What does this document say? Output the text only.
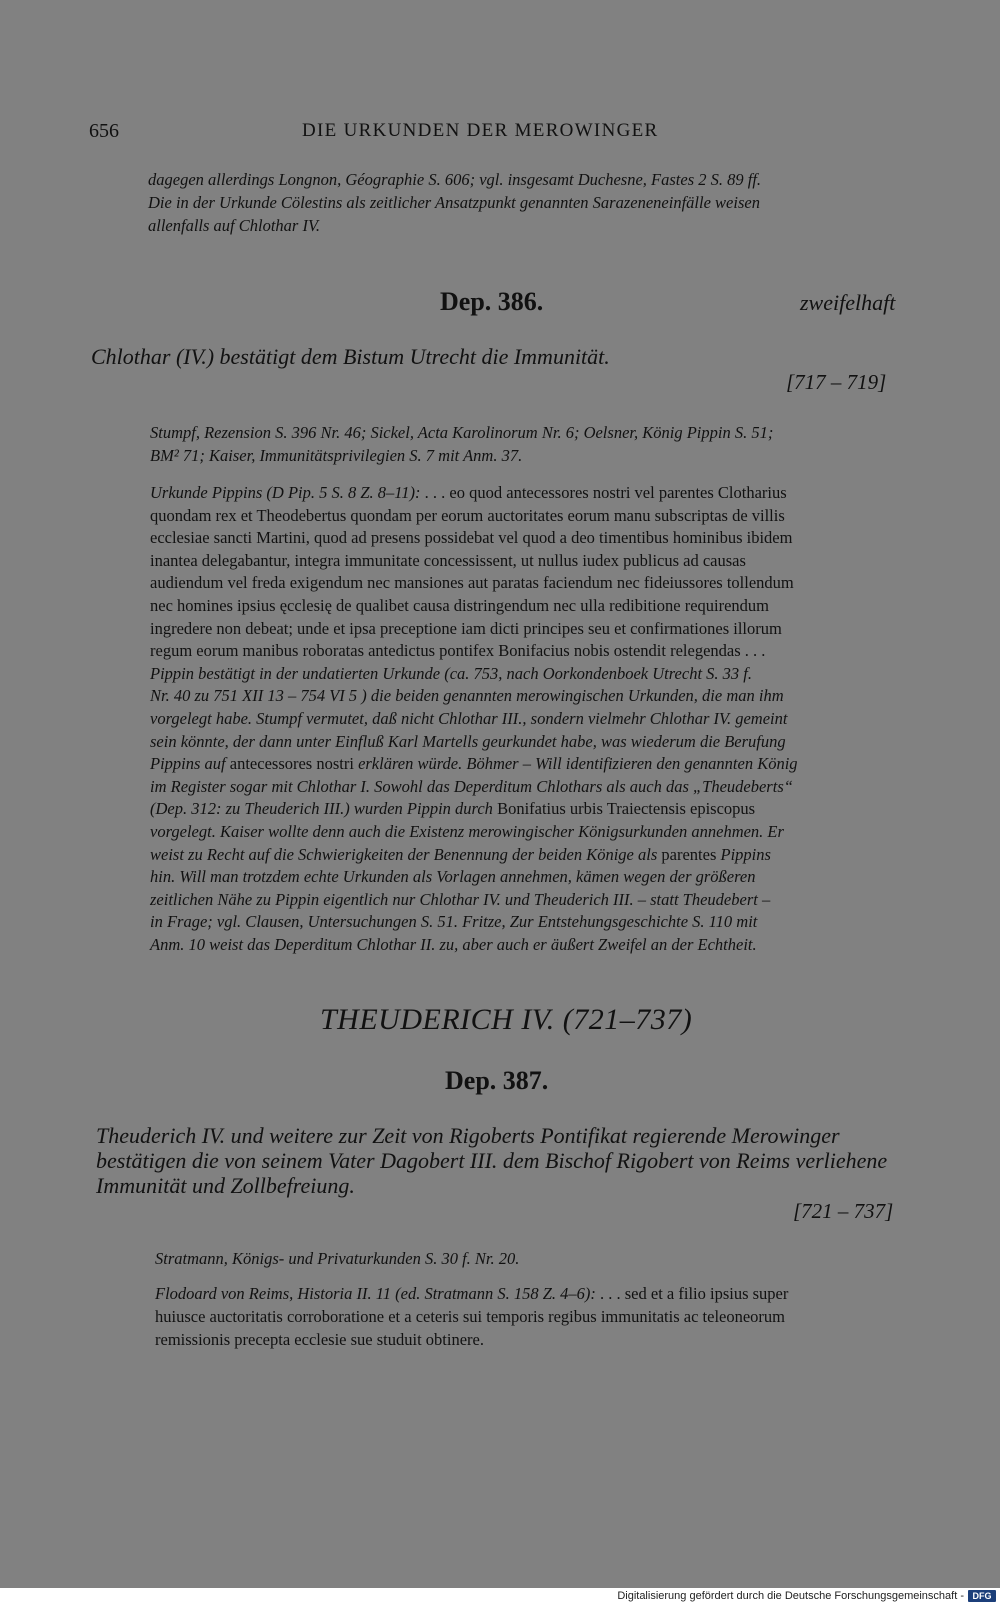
656	DIE URKUNDEN DER MEROWINGER
dagegen allerdings Longnon, Géographie S. 606; vgl. insgesamt Duchesne, Fastes 2 S. 89 ff.
Die in der Urkunde Cölestins als zeitlicher Ansatzpunkt genannten Sarazeneneinfälle weisen
allenfalls auf Chlothar IV.
Dep. 386.	zweifelhaft
Chlothar (IV.) bestätigt dem Bistum Utrecht die Immunität.
[717 – 719]
Stumpf, Rezension S. 396 Nr. 46; Sickel, Acta Karolinorum Nr. 6; Oelsner, König Pippin S. 51;
BM² 71; Kaiser, Immunitätsprivilegien S. 7 mit Anm. 37.
Urkunde Pippins (D Pip. 5 S. 8 Z. 8–11): . . . eo quod antecessores nostri vel parentes Clotharius
quondam rex et Theodebertus quondam per eorum auctoritates eorum manu subscriptas de villis
ecclesiae sancti Martini, quod ad presens possidebat vel quod a deo timentibus hominibus ibidem
inantea delegabantur, integra immunitate concessissent, ut nullus iudex publicus ad causas
audiendum vel freda exigendum nec mansiones aut paratas faciendum nec fideiussores tollendum
nec homines ipsius ęcclesię de qualibet causa distringendum nec ulla redibitione requirendum
ingredere non debeat; unde et ipsa preceptione iam dicti principes seu et confirmationes illorum
regum eorum manibus roboratas antedictus pontifex Bonifacius nobis ostendit relegendas . . .
Pippin bestätigt in der undatierten Urkunde (ca. 753, nach Oorkondenboek Utrecht S. 33 f.
Nr. 40 zu 751 XII 13 – 754 VI 5 ) die beiden genannten merowingischen Urkunden, die man ihm
vorgelegt habe. Stumpf vermutet, daß nicht Chlothar III., sondern vielmehr Chlothar IV. gemeint
sein könnte, der dann unter Einfluß Karl Martells geurkundet habe, was wiederum die Berufung
Pippins auf antecessores nostri erklären würde. Böhmer – Will identifizieren den genannten König
im Register sogar mit Chlothar I. Sowohl das Deperditum Chlothars als auch das „Theudeberts“
(Dep. 312: zu Theuderich III.) wurden Pippin durch Bonifatius urbis Traiectensis episcopus
vorgelegt. Kaiser wollte denn auch die Existenz merowingischer Königsurkunden annehmen. Er
weist zu Recht auf die Schwierigkeiten der Benennung der beiden Könige als parentes Pippins
hin. Will man trotzdem echte Urkunden als Vorlagen annehmen, kämen wegen der größeren
zeitlichen Nähe zu Pippin eigentlich nur Chlothar IV. und Theuderich III. – statt Theudebert –
in Frage; vgl. Clausen, Untersuchungen S. 51. Fritze, Zur Entstehungsgeschichte S. 110 mit
Anm. 10 weist das Deperditum Chlothar II. zu, aber auch er äußert Zweifel an der Echtheit.
THEUDERICH IV. (721–737)
Dep. 387.
Theuderich IV. und weitere zur Zeit von Rigoberts Pontifikat regierende Merowinger
bestätigen die von seinem Vater Dagobert III. dem Bischof Rigobert von Reims verliehene
Immunität und Zollbefreiung.
[721 – 737]
Stratmann, Königs- und Privaturkunden S. 30 f. Nr. 20.
Flodoard von Reims, Historia II. 11 (ed. Stratmann S. 158 Z. 4–6): . . . sed et a filio ipsius super
huiusce auctoritatis corroboratione et a ceteris sui temporis regibus immunitatis ac teleoneorum
remissionis precepta ecclesie sue studuit obtinere.
Digitalisierung gefördert durch die Deutsche Forschungsgemeinschaft - DFG
